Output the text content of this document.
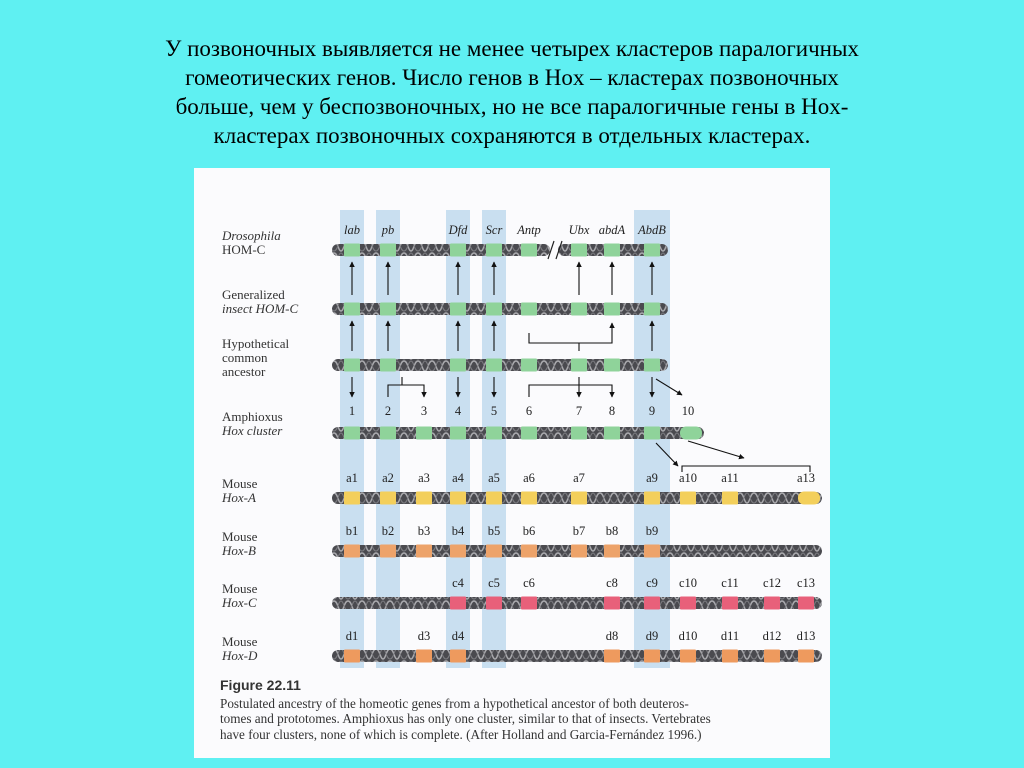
У позвоночных выявляется не менее четырех кластеров паралогичных
гомеотических генов. Число генов в Hox – кластерах позвоночных
больше, чем у беспозвоночных, но не все паралогичные гены в Hox-
кластерах позвоночных сохраняются в отдельных кластерах.
Drosophila HOM-C
lab pb	Dfd Scr Antp Ubx abdA AbdB
Generalized insect HOM-C
Hypothetical common ancestor
Amphioxus Hox cluster
1 2 3 4 5 6	7 8	9 10
Mouse Hox-A
a1 a2 a3 a4 a5 a6	a7	a9 a10 a11	a13
Mouse Hox-B
b1 b2 b3 b4 b5 b6	b7 b8 b9
Mouse Hox-C
c4 c5 c6	c8 c9 c10 c11 c12 c13
Mouse Hox-D
d1	d3 d4	d8 d9 d10 d11 d12 d13
Figure 22.11
Postulated ancestry of the homeotic genes from a hypothetical ancestor of both deuteros-
tomes and prototomes. Amphioxus has only one cluster, similar to that of insects. Vertebrates
have four clusters, none of which is complete. (After Holland and Garcia-Fernández 1996.)
